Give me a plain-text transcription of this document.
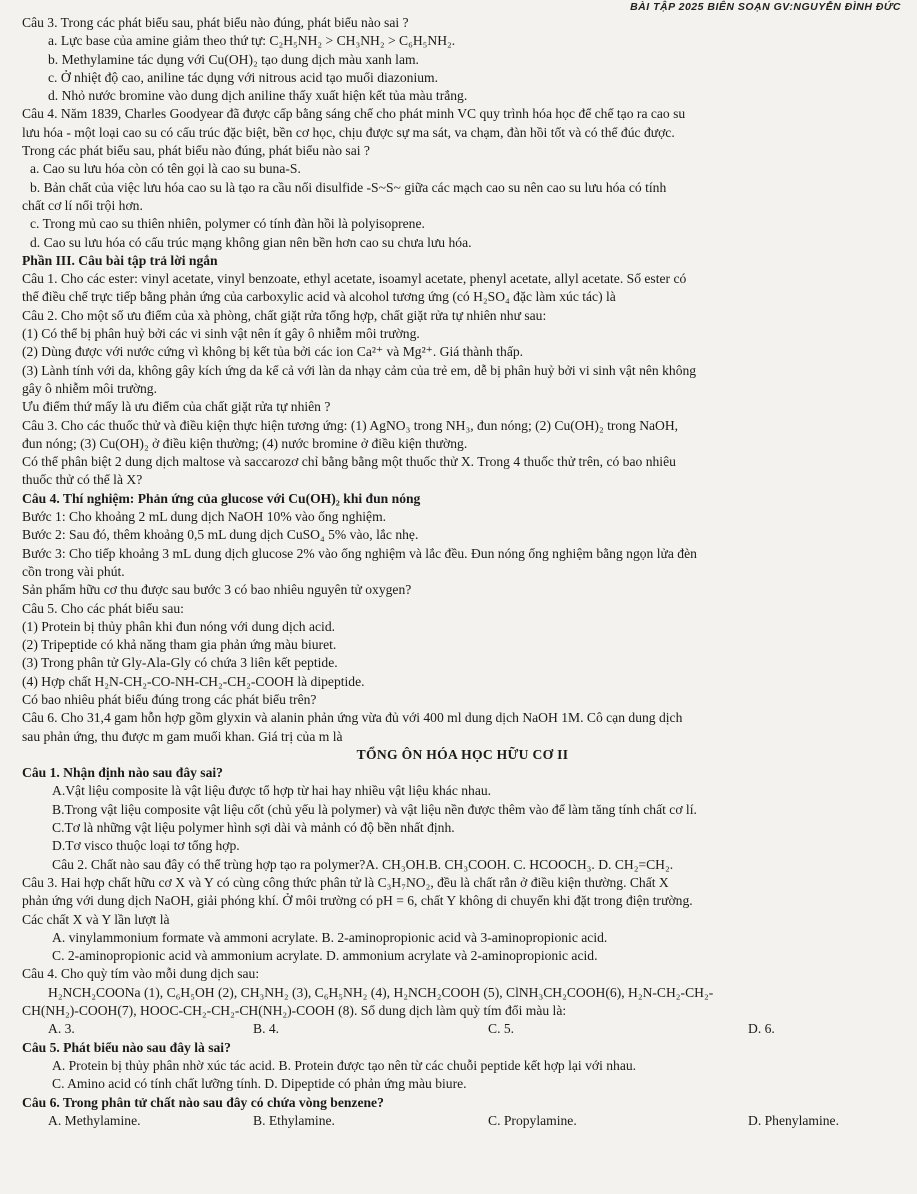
BÀI TẬP 2025 BIÊN SOẠN GV:NGUYỄN ĐÌNH ĐỨC
Câu 3. Trong các phát biểu sau, phát biểu nào đúng, phát biểu nào sai ?
a. Lực base của amine giảm theo thứ tự: C₂H₅NH₂ > CH₃NH₂ > C₆H₅NH₂.
b. Methylamine tác dụng với Cu(OH)₂ tạo dung dịch màu xanh lam.
c. Ở nhiệt độ cao, aniline tác dụng với nitrous acid tạo muối diazonium.
d. Nhỏ nước bromine vào dung dịch aniline thấy xuất hiện kết tủa màu trắng.
Câu 4. Năm 1839, Charles Goodyear đã được cấp bằng sáng chế cho phát minh VC quy trình hóa học để chế tạo ra cao su
lưu hóa - một loại cao su có cấu trúc đặc biệt, bền cơ học, chịu được sự ma sát, va chạm, đàn hồi tốt và có thể đúc được.
Trong các phát biểu sau, phát biểu nào đúng, phát biểu nào sai ?
a. Cao su lưu hóa còn có tên gọi là cao su buna-S.
b. Bản chất của việc lưu hóa cao su là tạo ra cầu nối disulfide -S~S~ giữa các mạch cao su nên cao su lưu hóa có tính
chất cơ lí nổi trội hơn.
c. Trong mủ cao su thiên nhiên, polymer có tính đàn hồi là polyisoprene.
d. Cao su lưu hóa có cấu trúc mạng không gian nên bền hơn cao su chưa lưu hóa.
Phần III. Câu bài tập trả lời ngắn
Câu 1. Cho các ester: vinyl acetate, vinyl benzoate, ethyl acetate, isoamyl acetate, phenyl acetate, allyl acetate. Số ester có
thể điều chế trực tiếp bằng phản ứng của carboxylic acid và alcohol tương ứng (có H₂SO₄ đặc làm xúc tác) là
Câu 2. Cho một số ưu điểm của xà phòng, chất giặt rửa tổng hợp, chất giặt rửa tự nhiên như sau:
(1) Có thể bị phân huỷ bởi các vi sinh vật nên ít gây ô nhiễm môi trường.
(2) Dùng được với nước cứng vì không bị kết tủa bởi các ion Ca²⁺ và Mg²⁺. Giá thành thấp.
(3) Lành tính với da, không gây kích ứng da kể cả với làn da nhạy cảm của trẻ em, dễ bị phân huỷ bởi vi sinh vật nên không
gây ô nhiễm môi trường.
Ưu điểm thứ mấy là ưu điểm của chất giặt rửa tự nhiên ?
Câu 3. Cho các thuốc thử và điều kiện thực hiện tương ứng: (1) AgNO₃ trong NH₃, đun nóng; (2) Cu(OH)₂ trong NaOH,
đun nóng; (3) Cu(OH)₂ ở điều kiện thường; (4) nước bromine ở điều kiện thường.
Có thể phân biệt 2 dung dịch maltose và saccarozơ chỉ bằng bằng một thuốc thử X. Trong 4 thuốc thử trên, có bao nhiêu
thuốc thử có thể là X?
Câu 4. Thí nghiệm: Phản ứng của glucose với Cu(OH)₂ khi đun nóng
Bước 1: Cho khoảng 2 mL dung dịch NaOH 10% vào ống nghiệm.
Bước 2: Sau đó, thêm khoảng 0,5 mL dung dịch CuSO₄ 5% vào, lắc nhẹ.
Bước 3: Cho tiếp khoảng 3 mL dung dịch glucose 2% vào ống nghiệm và lắc đều. Đun nóng ống nghiệm bằng ngọn lửa đèn
cồn trong vài phút.
Sản phẩm hữu cơ thu được sau bước 3 có bao nhiêu nguyên tử oxygen?
Câu 5. Cho các phát biểu sau:
(1) Protein bị thủy phân khi đun nóng với dung dịch acid.
(2) Tripeptide có khả năng tham gia phản ứng màu biuret.
(3) Trong phân tử Gly-Ala-Gly có chứa 3 liên kết peptide.
(4) Hợp chất H₂N-CH₂-CO-NH-CH₂-CH₂-COOH là dipeptide.
Có bao nhiêu phát biểu đúng trong các phát biểu trên?
Câu 6. Cho 31,4 gam hỗn hợp gồm glyxin và alanin phản ứng vừa đủ với 400 ml dung dịch NaOH 1M. Cô cạn dung dịch
sau phản ứng, thu được m gam muối khan. Giá trị của m là
TỔNG ÔN HÓA HỌC HỮU CƠ II
Câu 1. Nhận định nào sau đây sai?
A.Vật liệu composite là vật liệu được tổ hợp từ hai hay nhiều vật liệu khác nhau.
B.Trong vật liệu composite vật liệu cốt (chủ yếu là polymer) và vật liệu nền được thêm vào để làm tăng tính chất cơ lí.
C.Tơ là những vật liệu polymer hình sợi dài và mảnh có độ bền nhất định.
D.Tơ visco thuộc loại tơ tổng hợp.
Câu 2. Chất nào sau đây có thể trùng hợp tạo ra polymer?A. CH₃OH.B. CH₃COOH. C. HCOOCH₃. D. CH₂=CH₂.
Câu 3. Hai hợp chất hữu cơ X và Y có cùng công thức phân tử là C₃H₇NO₂, đều là chất rắn ở điều kiện thường. Chất X
phản ứng với dung dịch NaOH, giải phóng khí. Ở môi trường có pH = 6, chất Y không di chuyển khi đặt trong điện trường.
Các chất X và Y lần lượt là
A. vinylammonium formate và ammoni acrylate. B. 2-aminopropionic acid và 3-aminopropionic acid.
C. 2-aminopropionic acid và ammonium acrylate. D. ammonium acrylate và 2-aminopropionic acid.
Câu 4. Cho quỳ tím vào mỗi dung dịch sau:
H₂NCH₂COONa (1), C₆H₅OH (2), CH₃NH₂ (3), C₆H₅NH₂ (4), H₂NCH₂COOH (5), ClNH₃CH₂COOH(6), H₂N-CH₂-CH₂-
CH(NH₂)-COOH(7), HOOC-CH₂-CH₂-CH(NH₂)-COOH (8). Số dung dịch làm quỳ tím đổi màu là:
A. 3.	B. 4.	C. 5.	D. 6.
Câu 5. Phát biểu nào sau đây là sai?
A. Protein bị thủy phân nhờ xúc tác acid. B. Protein được tạo nên từ các chuỗi peptide kết hợp lại với nhau.
C. Amino acid có tính chất lưỡng tính. D. Dipeptide có phản ứng màu biure.
Câu 6. Trong phân tử chất nào sau đây có chứa vòng benzene?
A. Methylamine.	B. Ethylamine.	C. Propylamine.	D. Phenylamine.
